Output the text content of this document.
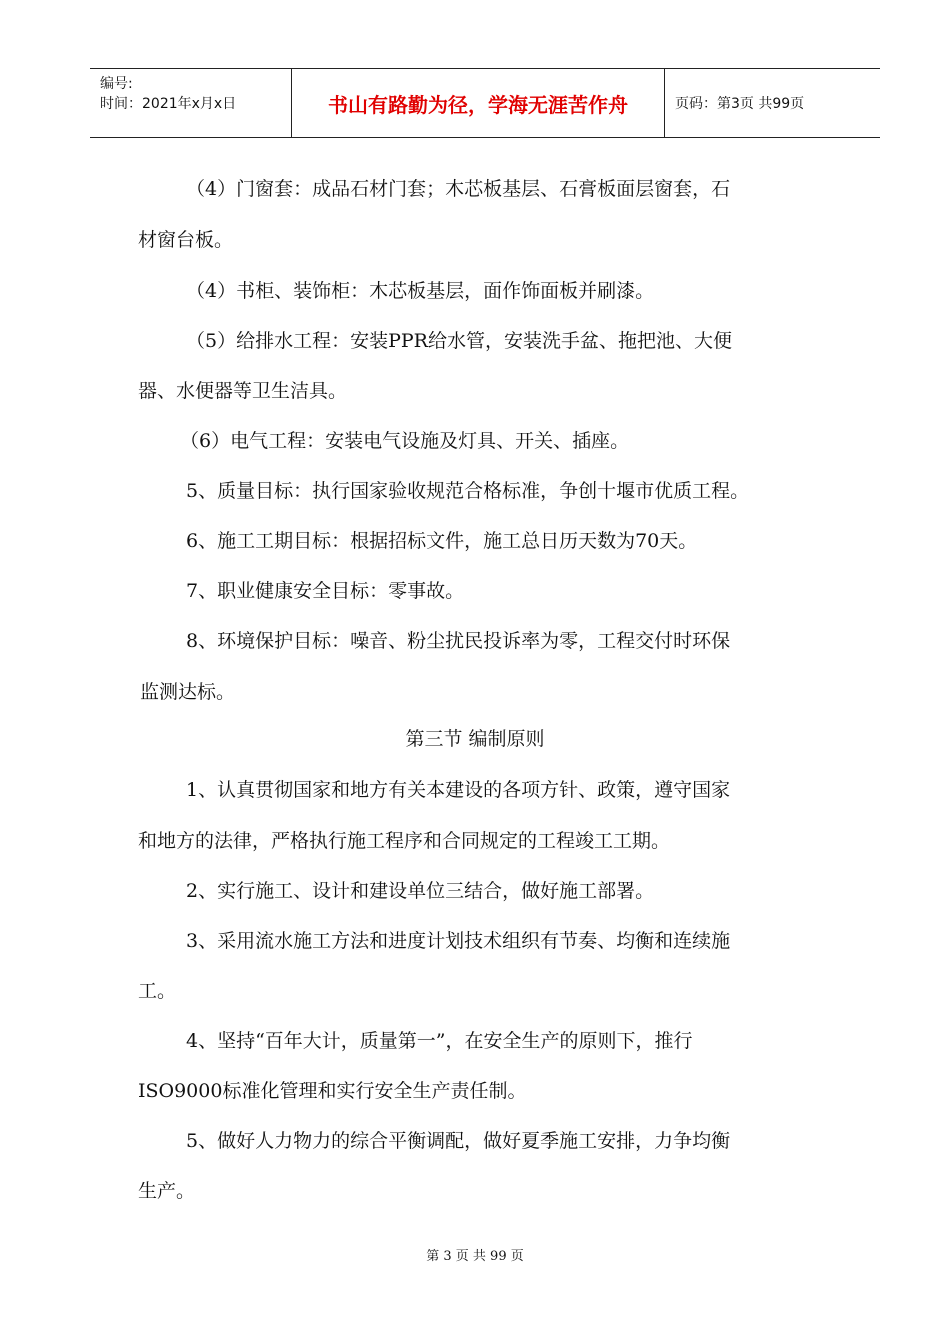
编号:
时间：2021年x月x日	书山有路勤为径，学海无涯苦作舟	页码：第3页 共99页
（4）门窗套：成品石材门套；木芯板基层、石膏板面层窗套，石
材窗台板。
（4）书柜、装饰柜：木芯板基层，面作饰面板并刷漆。
（5）给排水工程：安装PPR给水管，安装洗手盆、拖把池、大便
器、水便器等卫生洁具。
（6）电气工程：安装电气设施及灯具、开关、插座。
5、质量目标：执行国家验收规范合格标准，争创十堰市优质工程。
6、施工工期目标：根据招标文件，施工总日历天数为70天。
7、职业健康安全目标：零事故。
8、环境保护目标：噪音、粉尘扰民投诉率为零，工程交付时环保
监测达标。
第三节 编制原则
1、认真贯彻国家和地方有关本建设的各项方针、政策，遵守国家
和地方的法律，严格执行施工程序和合同规定的工程竣工工期。
2、实行施工、设计和建设单位三结合，做好施工部署。
3、采用流水施工方法和进度计划技术组织有节奏、均衡和连续施
工。
4、坚持“百年大计，质量第一”，在安全生产的原则下，推行
ISO9000标准化管理和实行安全生产责任制。
5、做好人力物力的综合平衡调配，做好夏季施工安排，力争均衡
生产。
第 3 页 共 99 页
